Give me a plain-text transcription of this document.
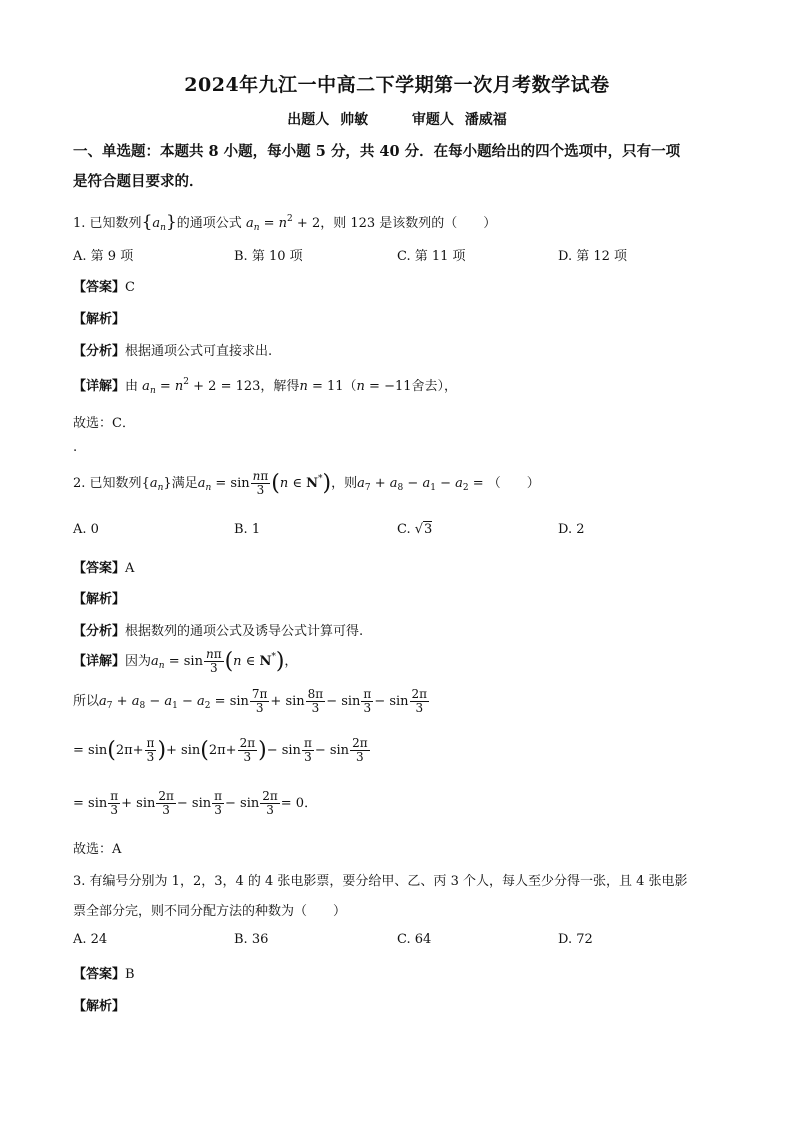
2024年九江一中高二下学期第一次月考数学试卷
出题人 帅敏	审题人 潘威福
一、单选题：本题共 8 小题，每小题 5 分，共 40 分．在每小题给出的四个选项中，只有一项
是符合题目要求的．
1. 已知数列$\{a_n\}$的通项公式 $a_n = n^2 + 2$，则 123 是该数列的（　　）
A. 第 9 项	B. 第 10 项	C. 第 11 项	D. 第 12 项
【答案】C
【解析】
【分析】根据通项公式可直接求出.
【详解】由 $a_n = n^2 + 2 = 123$，解得n = 11（n = −11舍去），
故选：C．
.
2. 已知数列$\{a_n\}$满足$a_n = \sin \frac{n\pi}{3} (n$ ∈ N*)，则$a_7 + a_8 - a_1 - a_2$ = （　　）
A. 0	B. 1	C. √3	D. 2
【答案】A
【解析】
【分析】根据数列的通项公式及诱导公式计算可得.
【详解】因为$a_n = \sin \frac{n\pi}{3} (n$ ∈ N*)，
所以$a_7 + a_8 - a_1 - a_2 = \sin \frac{7\pi}{3} + \sin \frac{8\pi}{3} - \sin \frac{\pi}{3} - \sin \frac{2\pi}{3}$
= $\sin(2\pi+ \frac{\pi}{3}$ )+ $\sin(2\pi+ \frac{2\pi}{3}$ )− $\sin \frac{\pi}{3} - \sin \frac{2\pi}{3}$
= $\sin \frac{\pi}{3} + \sin \frac{2\pi}{3} - \sin \frac{\pi}{3} - \sin \frac{2\pi}{3} = 0$．
故选：A
3. 有编号分别为 1，2，3，4 的 4 张电影票，要分给甲、乙、丙 3 个人，每人至少分得一张，且 4 张电影
票全部分完，则不同分配方法的种数为（　　）
A. 24	B. 36	C. 64	D. 72
【答案】B
【解析】
